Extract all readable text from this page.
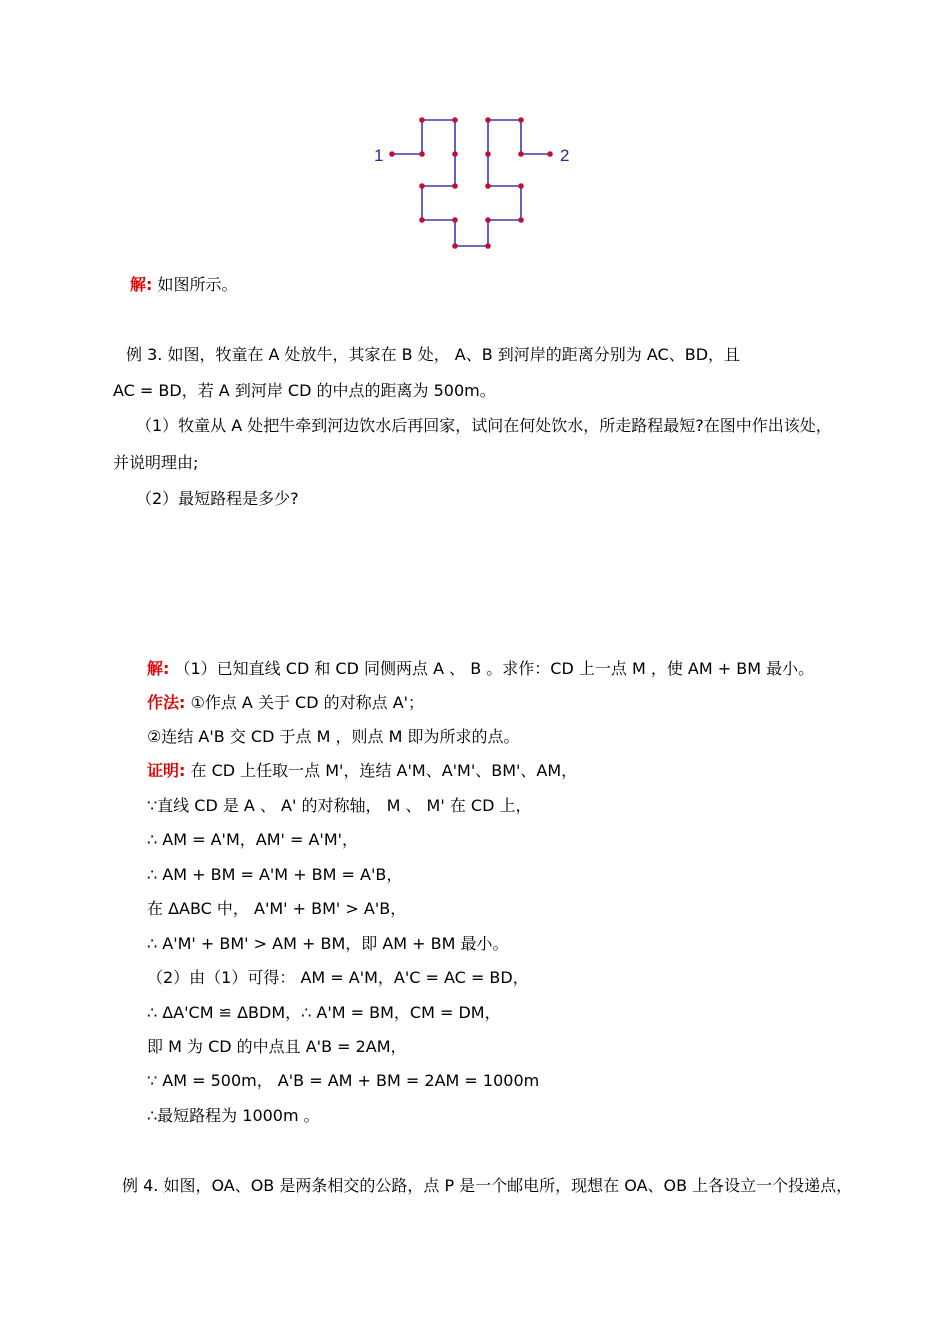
1	2
解: 如图所示。
例 3. 如图，牧童在 A 处放牛，其家在 B 处， A、B 到河岸的距离分别为 AC、BD，且
AC = BD，若 A 到河岸 CD 的中点的距离为 500m。
（1）牧童从 A 处把牛牵到河边饮水后再回家，试问在何处饮水，所走路程最短?在图中作出该处，
并说明理由;
（2）最短路程是多少?
解: （1）已知直线 CD 和 CD 同侧两点 A 、 B 。求作：CD 上一点 M ，使 AM + BM 最小。
作法: ①作点 A 关于 CD 的对称点 A'；
②连结 A'B 交 CD 于点 M ，则点 M 即为所求的点。
证明: 在 CD 上任取一点 M'，连结 A'M、A'M'、BM'、AM，
∵直线 CD 是 A 、 A' 的对称轴， M 、 M' 在 CD 上，
∴ AM = A'M，AM' = A'M'，
∴ AM + BM = A'M + BM = A'B，
在 ΔABC 中， A'M' + BM' > A'B，
∴ A'M' + BM' > AM + BM，即 AM + BM 最小。
（2）由（1）可得： AM = A'M，A'C = AC = BD，
∴ ΔA'CM ≌ ΔBDM，∴ A'M = BM，CM = DM，
即 M 为 CD 的中点且 A'B = 2AM，
∵ AM = 500m， A'B = AM + BM = 2AM = 1000m
∴最短路程为 1000m 。
例 4. 如图，OA、OB 是两条相交的公路，点 P 是一个邮电所，现想在 OA、OB 上各设立一个投递点，
